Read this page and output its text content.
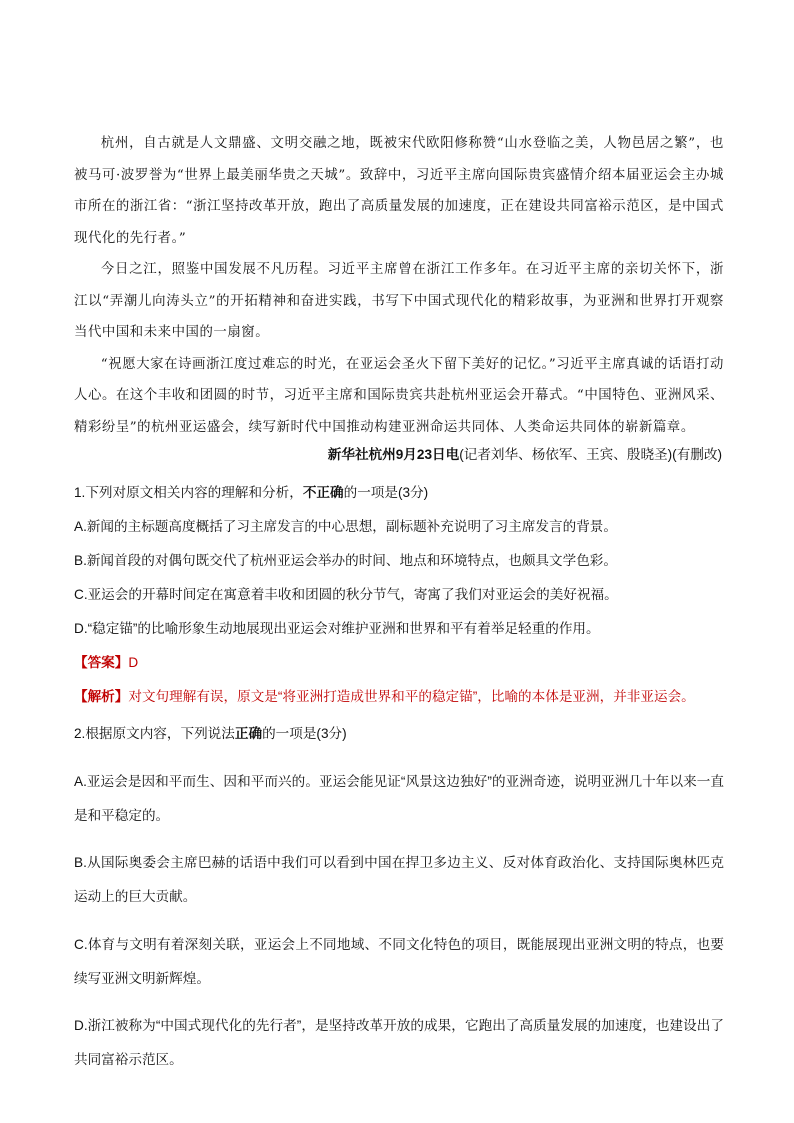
杭州，自古就是人文鼎盛、文明交融之地，既被宋代欧阳修称赞“山水登临之美，人物邑居之繁”，也被马可·波罗誉为“世界上最美丽华贵之天城”。致辞中，习近平主席向国际贵宾盛情介绍本届亚运会主办城市所在的浙江省：“浙江坚持改革开放，跑出了高质量发展的加速度，正在建设共同富裕示范区，是中国式现代化的先行者。”

今日之江，照鉴中国发展不凡历程。习近平主席曾在浙江工作多年。在习近平主席的亲切关怀下，浙江以“弄潮儿向涛头立”的开拓精神和奋进实践，书写下中国式现代化的精彩故事，为亚洲和世界打开观察当代中国和未来中国的一扇窗。

“祝愿大家在诗画浙江度过难忘的时光，在亚运会圣火下留下美好的记忆。”习近平主席真诚的话语打动人心。在这个丰收和团圆的时节，习近平主席和国际贵宾共赴杭州亚运会开幕式。“中国特色、亚洲风采、精彩纷呈”的杭州亚运盛会，续写新时代中国推动构建亚洲命运共同体、人类命运共同体的崭新篇章。

新华社杭州9月23日电(记者刘华、杨依军、王宾、殷晓圣)(有删改)

1.下列对原文相关内容的理解和分析，不正确的一项是(3分)

A.新闻的主标题高度概括了习主席发言的中心思想，副标题补充说明了习主席发言的背景。

B.新闻首段的对偶句既交代了杭州亚运会举办的时间、地点和环境特点，也颇具文学色彩。

C.亚运会的开幕时间定在寓意着丰收和团圆的秋分节气，寄寓了我们对亚运会的美好祝福。

D.“稳定锚”的比喻形象生动地展现出亚运会对维护亚洲和世界和平有着举足轻重的作用。

【答案】D

【解析】对文句理解有误，原文是“将亚洲打造成世界和平的稳定锚”，比喻的本体是亚洲，并非亚运会。

2.根据原文内容，下列说法正确的一项是(3分)

A.亚运会是因和平而生、因和平而兴的。亚运会能见证“风景这边独好”的亚洲奇迹，说明亚洲几十年以来一直是和平稳定的。

B.从国际奥委会主席巴赫的话语中我们可以看到中国在捍卫多边主义、反对体育政治化、支持国际奥林匹克运动上的巨大贡献。

C.体育与文明有着深刻关联，亚运会上不同地域、不同文化特色的项目，既能展现出亚洲文明的特点，也要续写亚洲文明新辉煌。

D.浙江被称为“中国式现代化的先行者”，是坚持改革开放的成果，它跑出了高质量发展的加速度，也建设出了共同富裕示范区。
